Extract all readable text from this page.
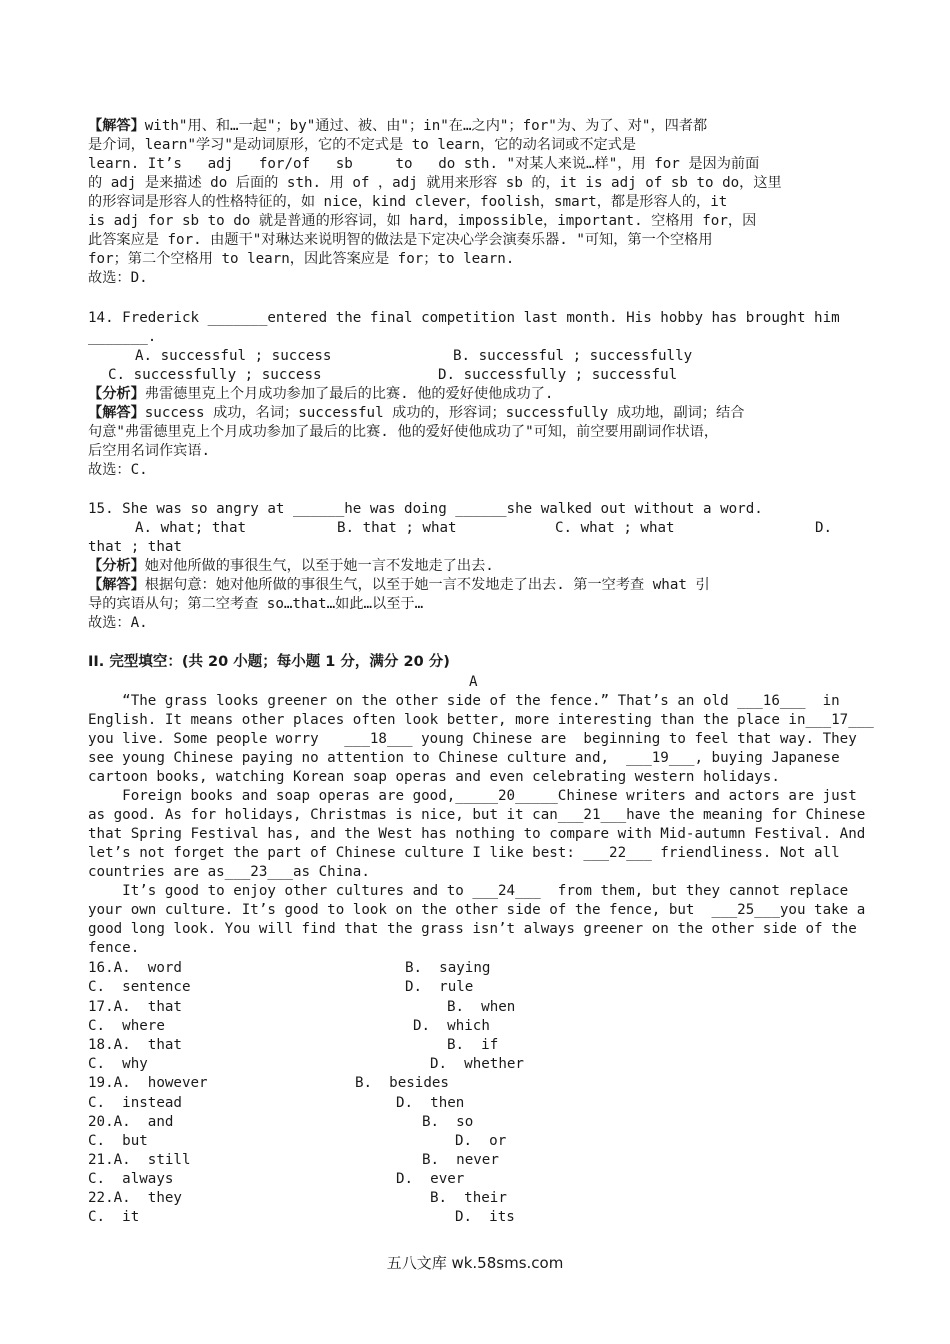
【解答】with"用、和…一起"；by"通过、被、由"；in"在…之内"；for"为、为了、对"，四者都
是介词，learn"学习"是动词原形，它的不定式是 to learn，它的动名词或不定式是
learn. It’s   adj   for/of   sb     to   do sth. "对某人来说…样"，用 for 是因为前面
的 adj 是来描述 do 后面的 sth. 用 of ，adj 就用来形容 sb 的，it is adj of sb to do，这里
的形容词是形容人的性格特征的，如 nice，kind clever，foolish，smart，都是形容人的，it
is adj for sb to do 就是普通的形容词，如 hard，impossible，important. 空格用 for，因
此答案应是 for. 由题干"对琳达来说明智的做法是下定决心学会演奏乐器. "可知，第一个空格用
for；第二个空格用 to learn，因此答案应是 for；to learn.
故选：D.
14. Frederick _______entered the final competition last month. His hobby has brought him
_______.
A. successful ; success	B. successful ; successfully
C. successfully ; success	D. successfully ; successful
【分析】弗雷德里克上个月成功参加了最后的比赛. 他的爱好使他成功了.
【解答】success 成功，名词；successful 成功的，形容词；successfully 成功地，副词；结合
句意"弗雷德里克上个月成功参加了最后的比赛. 他的爱好使他成功了"可知，前空要用副词作状语，
后空用名词作宾语.
故选：C.
15. She was so angry at ______he was doing ______she walked out without a word.
A. what; that	B. that ; what	C. what ; what	D.
that ; that
【分析】她对他所做的事很生气，以至于她一言不发地走了出去.
【解答】根据句意：她对他所做的事很生气，以至于她一言不发地走了出去. 第一空考查 what 引
导的宾语从句；第二空考查 so…that…如此…以至于…
故选：A.
II. 完型填空：(共 20 小题；每小题 1 分，满分 20 分)
A
“The grass looks greener on the other side of the fence.” That’s an old ___16___  in
English. It means other places often look better, more interesting than the place in___17___
you live. Some people worry   ___18___ young Chinese are  beginning to feel that way. They
see young Chinese paying no attention to Chinese culture and,  ___19___, buying Japanese
cartoon books, watching Korean soap operas and even celebrating western holidays.
Foreign books and soap operas are good,_____20_____Chinese writers and actors are just
as good. As for holidays, Christmas is nice, but it can___21___have the meaning for Chinese
that Spring Festival has, and the West has nothing to compare with Mid-autumn Festival. And
let’s not forget the part of Chinese culture I like best: ___22___ friendliness. Not all
countries are as___23___as China.
It’s good to enjoy other cultures and to ___24___  from them, but they cannot replace
your own culture. It’s good to look on the other side of the fence, but  ___25___you take a
good long look. You will find that the grass isn’t always greener on the other side of the
fence.
16.A.  word	B.  saying
C.  sentence	D.  rule
17.A.  that	B.  when
C.  where	D.  which
18.A.  that	B.  if
C.  why	D.  whether
19.A.  however	B.  besides
C.  instead	D.  then
20.A.  and	B.  so
C.  but	D.  or
21.A.  still	B.  never
C.  always	D.  ever
22.A.  they	B.  their
C.  it	D.  its
五八文库 wk.58sms.com
